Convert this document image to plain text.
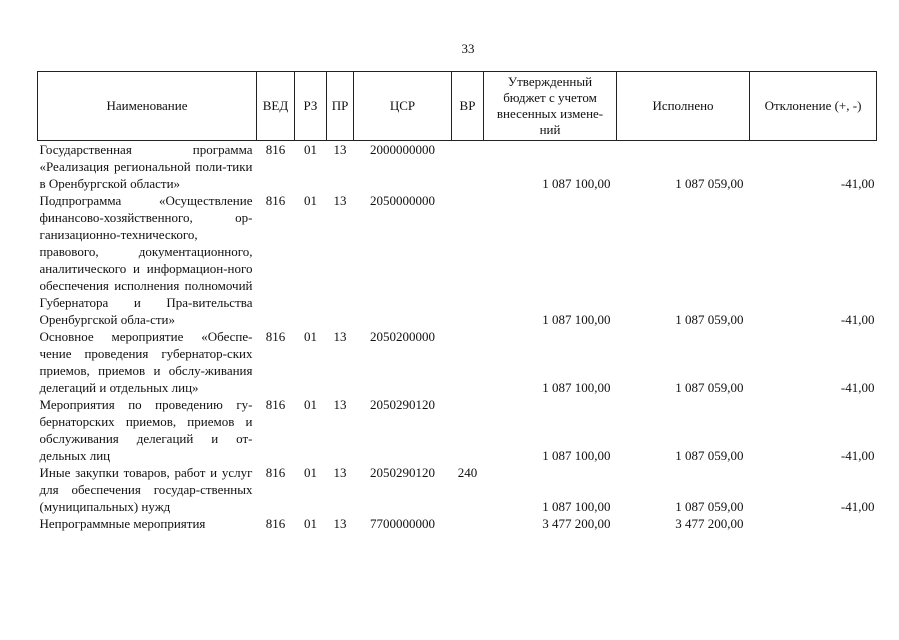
33
Наименование	ВЕД	РЗ	ПР	ЦСР	ВР	Утвержденный бюджет с учетом внесенных измене-ний	Исполнено	Отклонение (+, -)
Государственная программа «Реализация региональной поли-тики в Оренбургской области»	816	01	13	2000000000		1 087 100,00	1 087 059,00	-41,00
Подпрограмма «Осуществление финансово-хозяйственного, ор-ганизационно-технического, правового, документационного, аналитического и информацион-ного обеспечения исполнения полномочий Губернатора и Пра-вительства Оренбургской обла-сти»	816	01	13	2050000000		1 087 100,00	1 087 059,00	-41,00
Основное мероприятие «Обеспе-чение проведения губернатор-ских приемов, приемов и обслу-живания делегаций и отдельных лиц»	816	01	13	2050200000		1 087 100,00	1 087 059,00	-41,00
Мероприятия по проведению гу-бернаторских приемов, приемов и обслуживания делегаций и от-дельных лиц	816	01	13	2050290120		1 087 100,00	1 087 059,00	-41,00
Иные закупки товаров, работ и услуг для обеспечения государ-ственных (муниципальных) нужд	816	01	13	2050290120	240	1 087 100,00	1 087 059,00	-41,00
Непрограммные мероприятия	816	01	13	7700000000		3 477 200,00	3 477 200,00	
